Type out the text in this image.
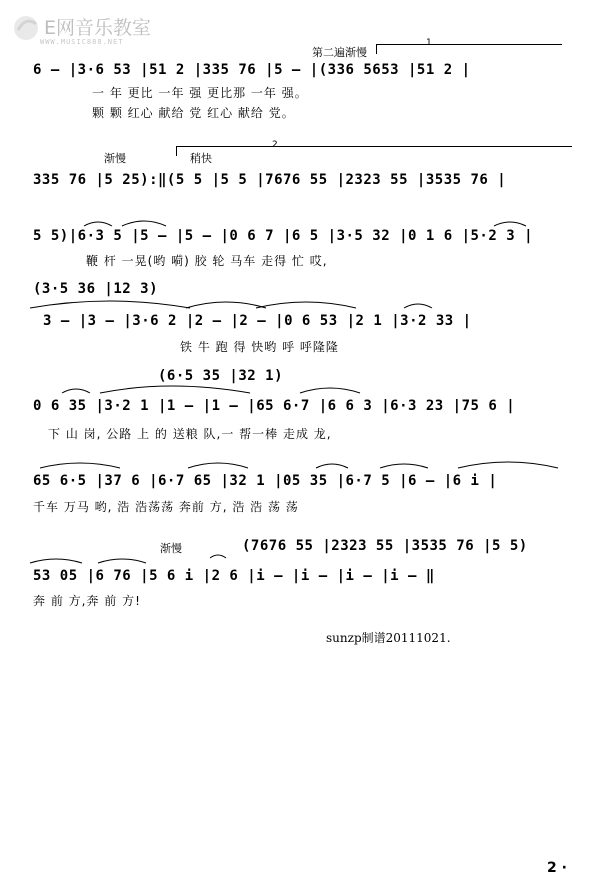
E网音乐教室
WWW.MUSIC888.NET
第二遍渐慢
1
6 – |3·6 53 |51 2 |335 76 |5 – |(336 5653 |51 2 |
一 年 更比 一年 强 更比那 一年 强。
颗 颗 红心 献给 党 红心 献给 党。
渐慢	稍快
2
335 76 |5 25):‖(5 5 |5 5 |7676 55 |2323 55 |3535 76 |
5 5)|6·3 5 |5 – |5 – |0 6 7 |6 5 |3·5 32 |0 1 6 |5·2 3 |
鞭 杆 一晃(哟 嗬) 胶 轮 马车 走得 忙 哎,
(3·5 36 |12 3)
3 – |3 – |3·6 2 |2 – |2 – |0 6 53 |2 1 |3·2 33 |
铁 牛 跑 得 快哟 呼 呼隆隆
(6·5 35 |32 1)
0 6 35 |3·2 1 |1 – |1 – |65 6·7 |6 6 3 |6·3 23 |75 6 |
下 山 岗, 公路 上 的 送粮 队,一 帮一棒 走成 龙,
65 6·5 |37 6 |6·7 65 |32 1 |05 35 |6·7 5 |6 – |6 i |
千车 万马 哟, 浩 浩荡荡 奔前 方, 浩 浩 荡 荡
渐慢	(7676 55 |2323 55 |3535 76 |5 5)
53 05 |6 76 |5 6 i |2 6 |i – |i – |i – |i – ‖
奔 前 方,奔 前 方!
sunzp制谱20111021.
2 ·
